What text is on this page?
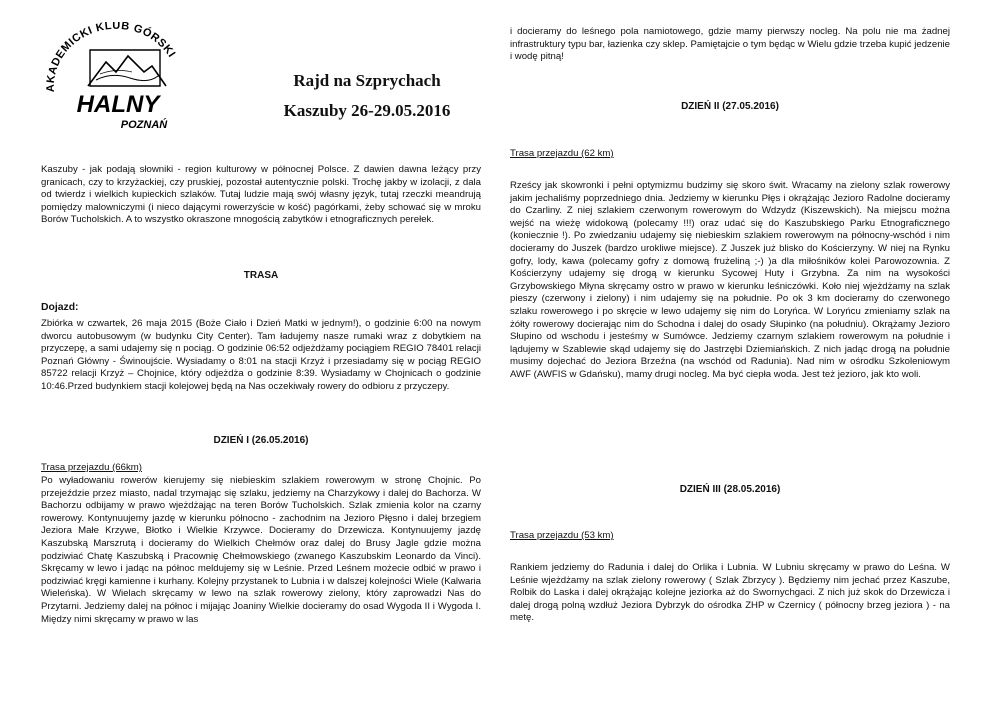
AKADEMICKI KLUB GÓRSKI
HALNY
POZNAŃ
Rajd na Szprychach
Kaszuby 26-29.05.2016

Kaszuby - jak podają słowniki - region kulturowy w północnej Polsce. Z dawien dawna leżący przy granicach, czy to krzyżackiej, czy pruskiej, pozostał autentycznie polski. Trochę jakby w izolacji, z dala od twierdz i wielkich kupieckich szlaków. Tutaj ludzie mają swój własny język, tutaj rzeczki meandrują pomiędzy malowniczymi (i nieco dającymi rowerzyście w kość) pagórkami, żeby schować się w mroku Borów Tucholskich. A to wszystko okraszone mnogością zabytków i etnograficznych perełek.

TRASA
Dojazd:

Zbiórka w czwartek, 26 maja 2015 (Boże Ciało i Dzień Matki w jednym!), o godzinie 6:00 na nowym dworcu autobusowym (w budynku City Center). Tam ładujemy nasze rumaki wraz z dobytkiem na przyczepę, a sami udajemy się n pociąg. O godzinie 06:52 odjeżdżamy pociągiem REGIO 78401 relacji Poznań Główny - Świnoujście. Wysiadamy o 8:01 na stacji Krzyż i przesiadamy się w pociąg REGIO 85722 relacji Krzyż – Chojnice, który odjeżdża o godzinie 8:39. Wysiadamy w Chojnicach o godzinie 10:46.Przed budynkiem stacji kolejowej będą na Nas oczekiwały rowery do odbioru z przyczepy.

DZIEŃ I (26.05.2016)
Trasa przejazdu (66km)

Po wyładowaniu rowerów kierujemy się niebieskim szlakiem rowerowym w stronę Chojnic. Po przejeździe przez miasto, nadal trzymając się szlaku, jedziemy na Charzykowy i dalej do Bachorza. W Bachorzu odbijamy w prawo wjeżdżając na teren Borów Tucholskich. Szlak zmienia kolor na czarny rowerowy. Kontynuujemy jazdę w kierunku północno - zachodnim na Jezioro Płęsno i dalej brzegiem Jeziora Małe Krzywe, Błotko i Wielkie Krzywce. Docieramy do Drzewicza. Kontynuujemy jazdę Kaszubską Marszrutą i docieramy do Wielkich Chełmów oraz dalej do Brusy Jagle gdzie można podziwiać Chatę Kaszubską i Pracownię Chełmowskiego (zwanego Kaszubskim Leonardo da Vinci). Skręcamy w lewo i jadąc na północ meldujemy się w Leśnie. Przed Leśnem możecie odbić w prawo i podziwiać kręgi kamienne i kurhany. Kolejny przystanek to Lubnia i w dalszej kolejności Wiele (Kalwaria Wieleńska). W Wielach skręcamy w lewo na szlak rowerowy zielony, który zaprowadzi Nas do Przytarni. Jedziemy dalej na północ i mijając Joaniny Wielkie docieramy do osad Wygoda II i Wygoda I. Między nimi skręcamy w prawo w las

i docieramy do leśnego pola namiotowego, gdzie mamy pierwszy nocleg. Na polu nie ma żadnej infrastruktury typu bar, łazienka czy sklep. Pamiętajcie o tym będąc w Wielu gdzie trzeba kupić jedzenie i wodę pitną!

DZIEŃ II (27.05.2016)
Trasa przejazdu (62 km)

Rześcy jak skowronki i pełni optymizmu budzimy się skoro świt. Wracamy na zielony szlak rowerowy jakim jechaliśmy poprzedniego dnia. Jedziemy w kierunku Płęs i okrążając Jezioro Radolne docieramy do Czarliny. Z niej szlakiem czerwonym rowerowym do Wdzydz (Kiszewskich). Na miejscu można wejść na wieżę widokową (polecamy !!!) oraz udać się do Kaszubskiego Parku Etnograficznego (koniecznie !). Po zwiedzaniu udajemy się niebieskim szlakiem rowerowym na północny-wschód i nim docieramy do Juszek (bardzo urokliwe miejsce). Z Juszek już blisko do Kościerzyny. W niej na Rynku gofry, lody, kawa (polecamy gofry z domową frużeliną ;-) )a dla miłośników kolei Parowozownia. Z Kościerzyny udajemy się drogą w kierunku Sycowej Huty i Grzybna. Za nim na wysokości Grzybowskiego Młyna skręcamy ostro w prawo w kierunku leśniczówki. Koło niej wjeżdżamy na szlak pieszy (czerwony i zielony) i nim udajemy się na południe. Po ok 3 km docieramy do czerwonego szlaku rowerowego i po skręcie w lewo udajemy się nim do Loryńca. W Loryńcu zmieniamy szlak na żółty rowerowy docierając nim do Schodna i dalej do osady Słupinko (na południu). Okrążamy Jezioro Słupino od wschodu i jesteśmy w Sumówce. Jedziemy czarnym szlakiem rowerowym na południe i lądujemy w Szablewie skąd udajemy się do Jastrzębi Dziemiańskich. Z nich jadąc drogą na południe musimy dojechać do Jeziora Brzeźna (na wschód od Radunia). Nad nim w ośrodku Szkoleniowym AWF (AWFIS w Gdańsku), mamy drugi nocleg. Ma być ciepła woda. Jest też jezioro, jak kto woli.

DZIEŃ III (28.05.2016)
Trasa przejazdu (53 km)

Rankiem jedziemy do Radunia i dalej do Orlika i Lubnia. W Lubniu skręcamy w prawo do Leśna. W Leśnie wjeżdżamy na szlak zielony rowerowy ( Szlak Zbrzycy ). Będziemy nim jechać przez Kaszube, Rolbik do Laska i dalej okrążając kolejne jeziorka aż do Swornychgaci. Z nich już skok do Drzewicza i dalej drogą polną wzdłuż Jeziora Dybrzyk do ośrodka ZHP w Czernicy ( północny brzeg jeziora ) - na metę.
